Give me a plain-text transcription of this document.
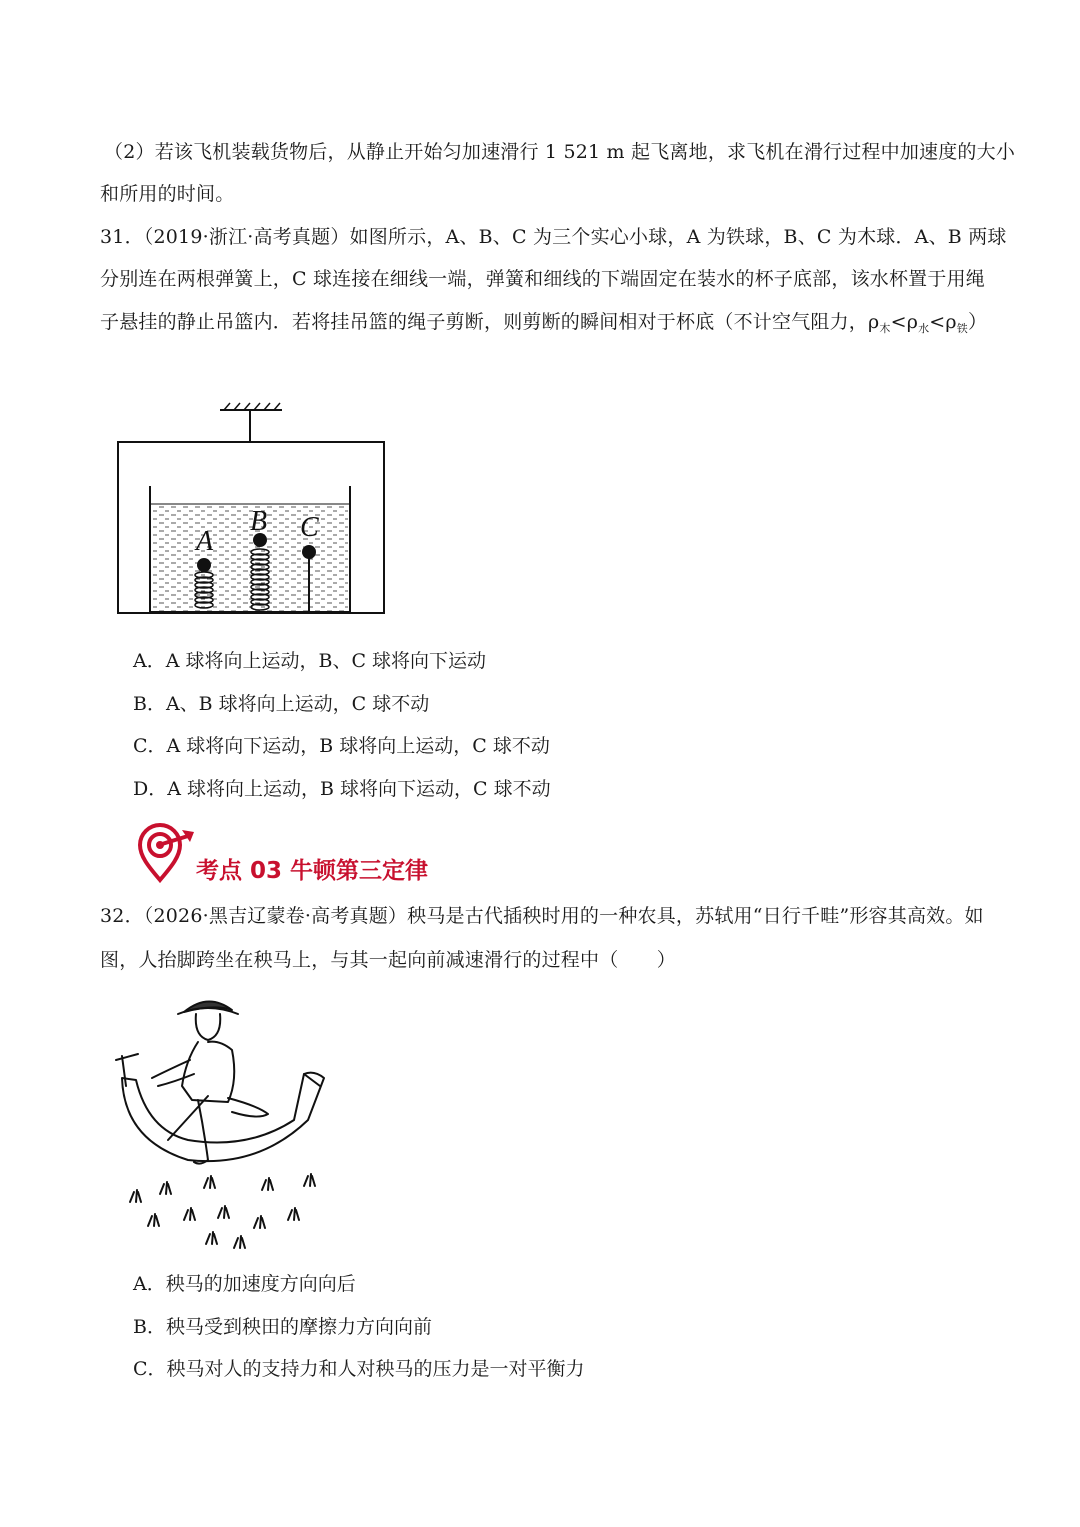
（2）若该飞机装载货物后，从静止开始匀加速滑行 1 521 m 起飞离地，求飞机在滑行过程中加速度的大小
和所用的时间。
31．（2019·浙江·高考真题）如图所示，A、B、C 为三个实心小球，A 为铁球，B、C 为木球．A、B 两球
分别连在两根弹簧上，C 球连接在细线一端，弹簧和细线的下端固定在装水的杯子底部，该水杯置于用绳
子悬挂的静止吊篮内．若将挂吊篮的绳子剪断，则剪断的瞬间相对于杯底（不计空气阻力，$\rho_木<\rho_水<\rho_铁$）
A
B C
A．A 球将向上运动，B、C 球将向下运动
B．A、B 球将向上运动，C 球不动
C．A 球将向下运动，B 球将向上运动，C 球不动
D．A 球将向上运动，B 球将向下运动，C 球不动
考点 03 牛顿第三定律
32．（2026·黑吉辽蒙卷·高考真题）秧马是古代插秧时用的一种农具，苏轼用“日行千畦”形容其高效。如
图，人抬脚跨坐在秧马上，与其一起向前减速滑行的过程中（　　）
A．秧马的加速度方向向后
B．秧马受到秧田的摩擦力方向向前
C．秧马对人的支持力和人对秧马的压力是一对平衡力
